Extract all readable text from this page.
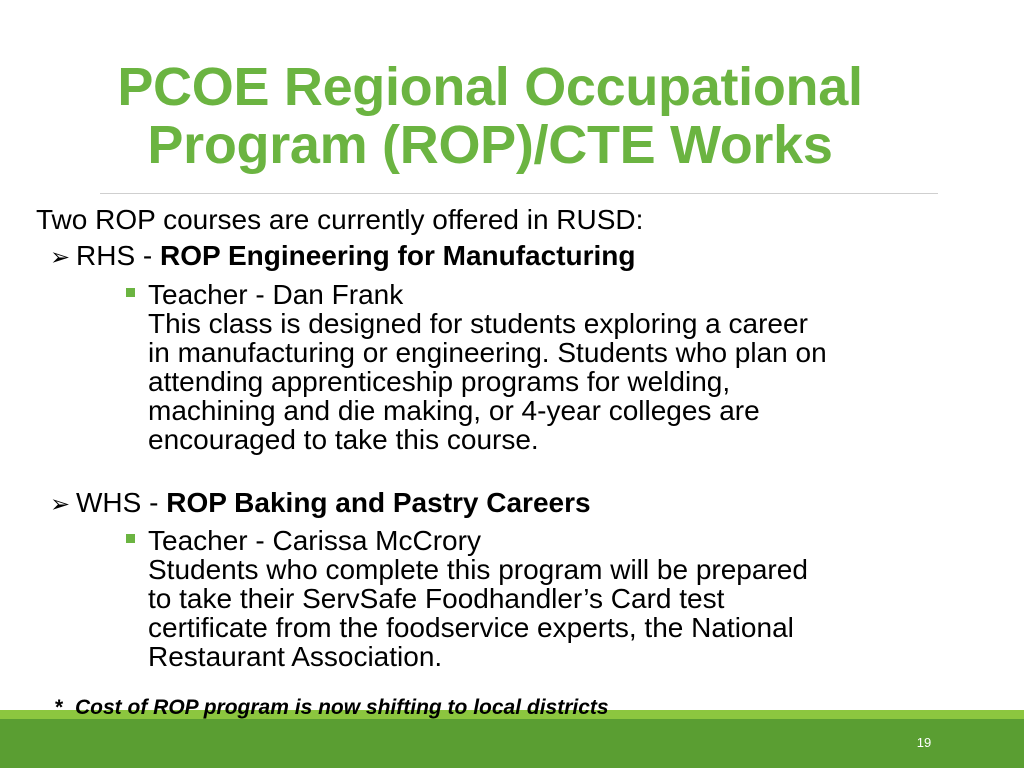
PCOE Regional Occupational
Program (ROP)/CTE Works
Two ROP courses are currently offered in RUSD:
➢ RHS - ROP Engineering for Manufacturing
Teacher - Dan Frank
This class is designed for students exploring a career
in manufacturing or engineering. Students who plan on
attending apprenticeship programs for welding,
machining and die making, or 4-year colleges are
encouraged to take this course.
➢ WHS - ROP Baking and Pastry Careers
Teacher - Carissa McCrory
Students who complete this program will be prepared
to take their ServSafe Foodhandler’s Card test
certificate from the foodservice experts, the National
Restaurant Association.
* Cost of ROP program is now shifting to local districts
19
